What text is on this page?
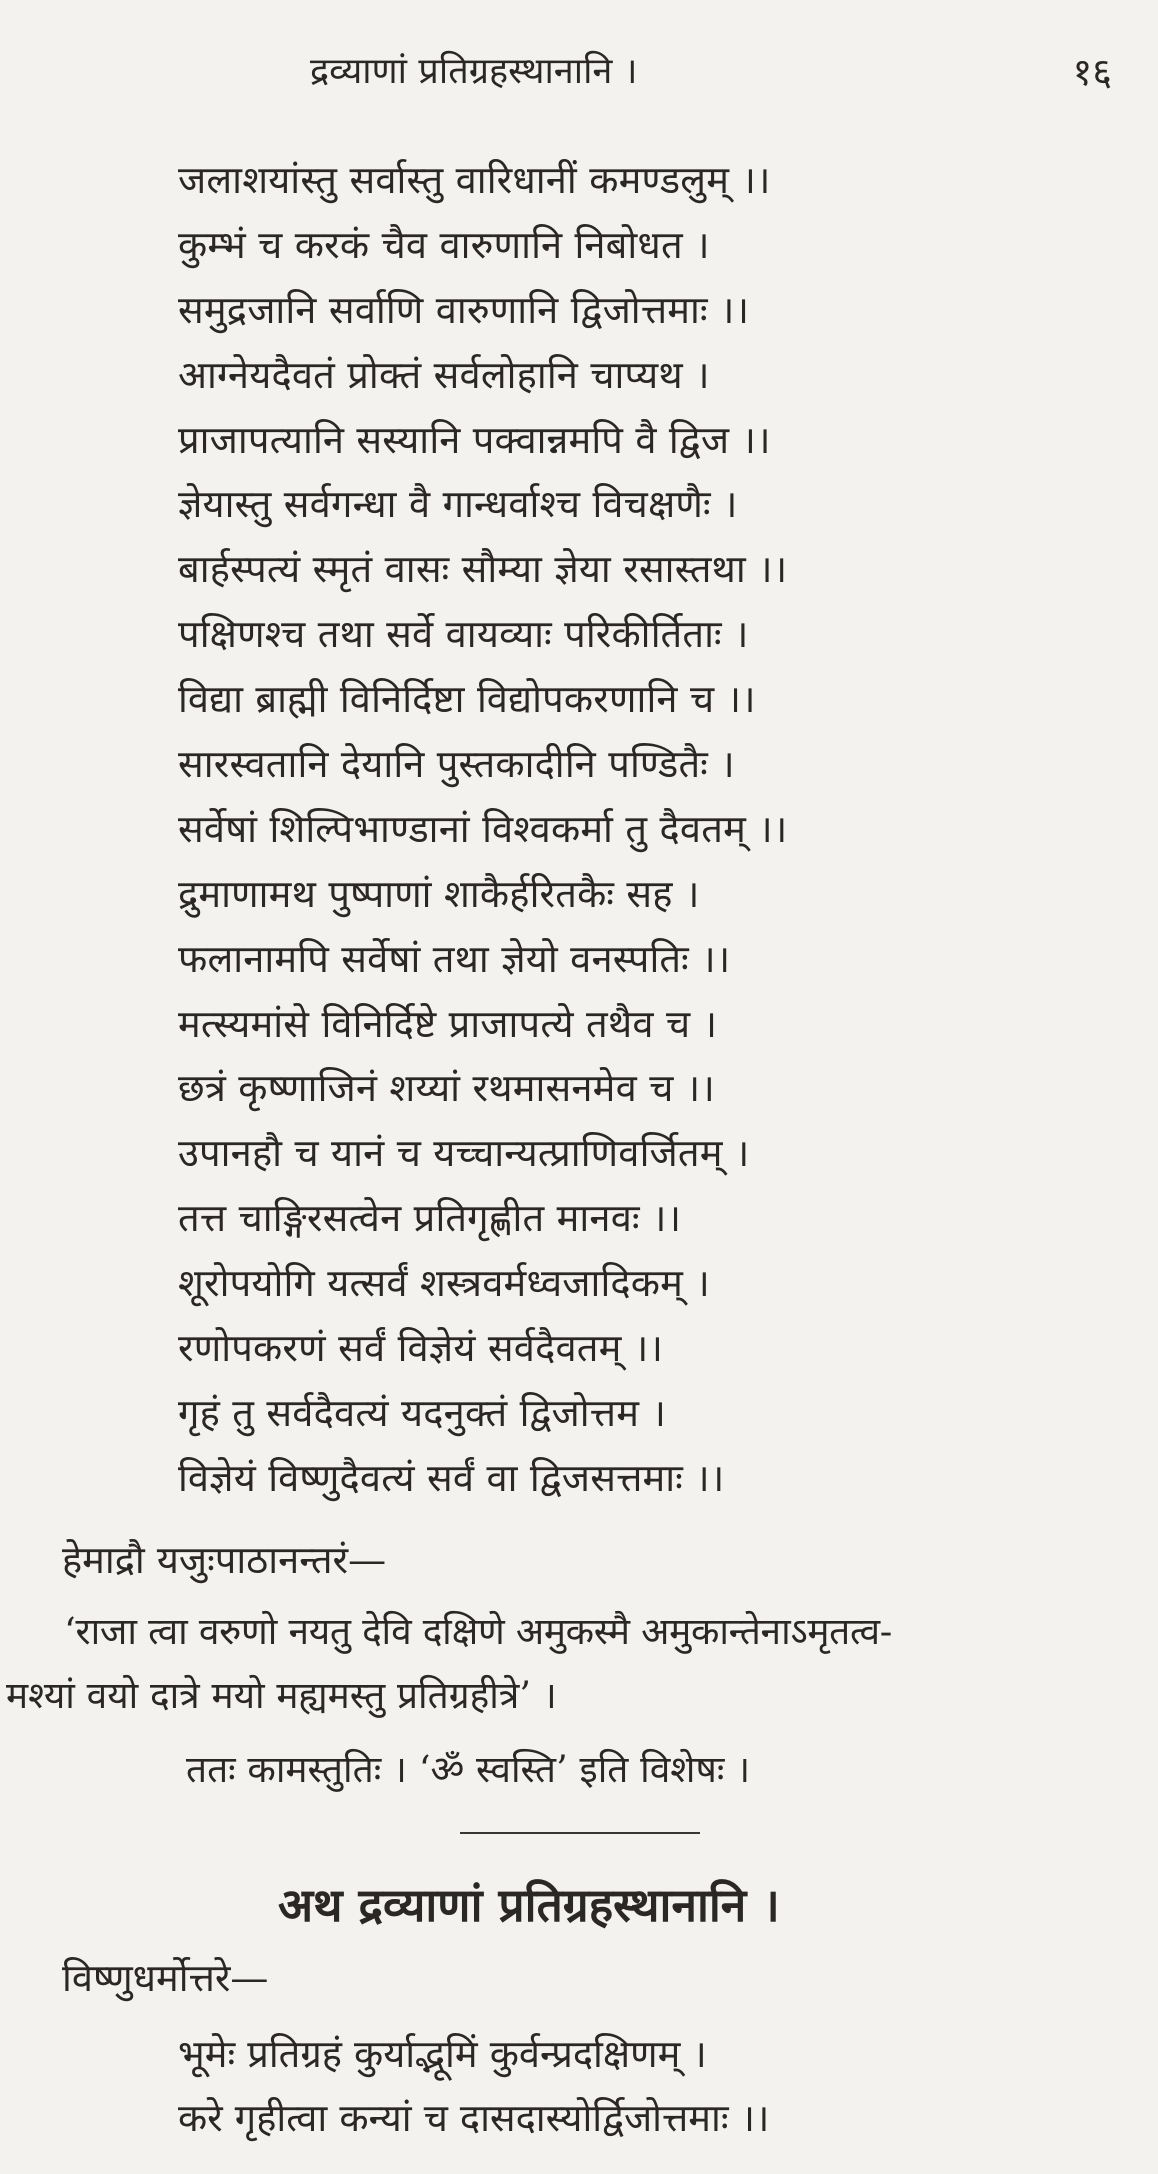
द्रव्याणां प्रतिग्रहस्थानानि ।	१६
जलाशयांस्तु सर्वास्तु वारिधानीं कमण्डलुम् ।।
कुम्भं च करकं चैव वारुणानि निबोधत ।
समुद्रजानि सर्वाणि वारुणानि द्विजोत्तमाः ।।
आग्नेयदैवतं प्रोक्तं सर्वलोहानि चाप्यथ ।
प्राजापत्यानि सस्यानि पक्वान्नमपि वै द्विज ।।
ज्ञेयास्तु सर्वगन्धा वै गान्धर्वाश्च विचक्षणैः ।
बार्हस्पत्यं स्मृतं वासः सौम्या ज्ञेया रसास्तथा ।।
पक्षिणश्च तथा सर्वे वायव्याः परिकीर्तिताः ।
विद्या ब्राह्मी विनिर्दिष्टा विद्योपकरणानि च ।।
सारस्वतानि देयानि पुस्तकादीनि पण्डितैः ।
सर्वेषां शिल्पिभाण्डानां विश्वकर्मा तु दैवतम् ।।
द्रुमाणामथ पुष्पाणां शाकैर्हरितकैः सह ।
फलानामपि सर्वेषां तथा ज्ञेयो वनस्पतिः ।।
मत्स्यमांसे विनिर्दिष्टे प्राजापत्ये तथैव च ।
छत्रं कृष्णाजिनं शय्यां रथमासनमेव च ।।
उपानहौ च यानं च यच्चान्यत्प्राणिवर्जितम् ।
तत्त चाङ्गिरसत्वेन प्रतिगृह्णीत मानवः ।।
शूरोपयोगि यत्सर्वं शस्त्रवर्मध्वजादिकम् ।
रणोपकरणं सर्वं विज्ञेयं सर्वदैवतम् ।।
गृहं तु सर्वदैवत्यं यदनुक्तं द्विजोत्तम ।
विज्ञेयं विष्णुदैवत्यं सर्वं वा द्विजसत्तमाः ।।
हेमाद्रौ यजुःपाठानन्तरं—
‘राजा त्वा वरुणो नयतु देवि दक्षिणे अमुकस्मै अमुकान्तेनाऽमृतत्व-
मश्यां वयो दात्रे मयो मह्यमस्तु प्रतिग्रहीत्रे’ ।
ततः कामस्तुतिः । ‘ॐ स्वस्ति’ इति विशेषः ।
अथ द्रव्याणां प्रतिग्रहस्थानानि ।
विष्णुधर्मोत्तरे—
भूमेः प्रतिग्रहं कुर्याद्भूमिं कुर्वन्प्रदक्षिणम् ।
करे गृहीत्वा कन्यां च दासदास्योर्द्विजोत्तमाः ।।
